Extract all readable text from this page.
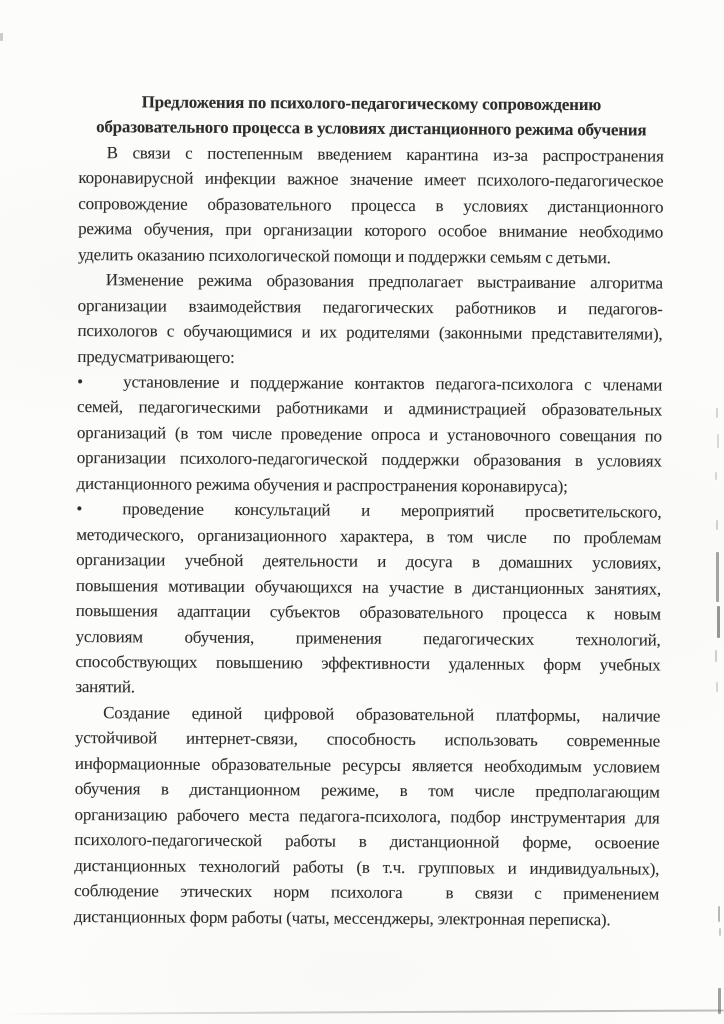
Предложения по психолого-педагогическому сопровождению
образовательного процесса в условиях дистанционного режима обучения
В связи с постепенным введением карантина из-за распространения
коронавирусной инфекции важное значение имеет психолого-педагогическое
сопровождение образовательного процесса в условиях дистанционного
режима обучения, при организации которого особое внимание необходимо
уделить оказанию психологической помощи и поддержки семьям с детьми.
Изменение режима образования предполагает выстраивание алгоритма
организации взаимодействия педагогических работников и педагогов-
психологов с обучающимися и их родителями (законными представителями),
предусматривающего:
• установление и поддержание контактов педагога-психолога с членами
семей, педагогическими работниками и администрацией образовательных
организаций (в том числе проведение опроса и установочного совещания по
организации психолого-педагогической поддержки образования в условиях
дистанционного режима обучения и распространения коронавируса);
• проведение консультаций и мероприятий просветительского,
методического, организационного характера, в том числе  по проблемам
организации учебной деятельности и досуга в домашних условиях,
повышения мотивации обучающихся на участие в дистанционных занятиях,
повышения адаптации субъектов образовательного процесса к новым
условиям обучения, применения педагогических технологий,
способствующих повышению эффективности удаленных форм учебных
занятий.
Создание единой цифровой образовательной платформы, наличие
устойчивой интернет-связи, способность использовать современные
информационные образовательные ресурсы является необходимым условием
обучения в дистанционном режиме, в том числе предполагающим
организацию рабочего места педагога-психолога, подбор инструментария для
психолого-педагогической работы в дистанционной форме, освоение
дистанционных технологий работы (в т.ч. групповых и индивидуальных),
соблюдение этических норм психолога  в связи с применением
дистанционных форм работы (чаты, мессенджеры, электронная переписка).
